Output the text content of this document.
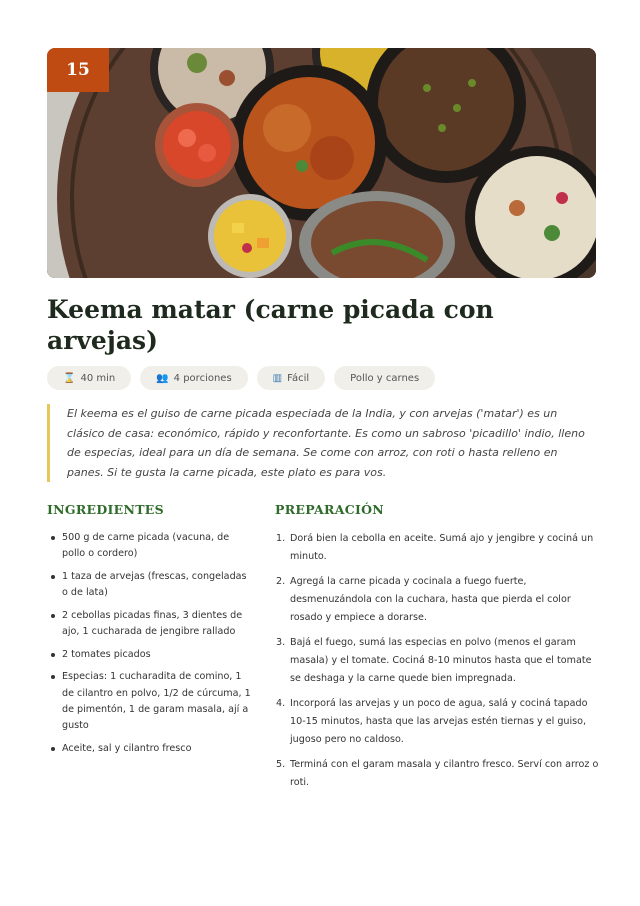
15
Keema matar (carne picada con arvejas)
⌛ 40 min	👥 4 porciones	▥ Fácil	Pollo y carnes
El keema es el guiso de carne picada especiada de la India, y con arvejas ('matar') es un clásico de casa: económico, rápido y reconfortante. Es como un sabroso 'picadillo' indio, lleno de especias, ideal para un día de semana. Se come con arroz, con roti o hasta relleno en panes. Si te gusta la carne picada, este plato es para vos.
INGREDIENTES	PREPARACIÓN
500 g de carne picada (vacuna, de pollo o cordero)
1 taza de arvejas (frescas, congeladas o de lata)
2 cebollas picadas finas, 3 dientes de ajo, 1 cucharada de jengibre rallado
2 tomates picados
Especias: 1 cucharadita de comino, 1 de cilantro en polvo, 1/2 de cúrcuma, 1 de pimentón, 1 de garam masala, ají a gusto
Aceite, sal y cilantro fresco
1. Dorá bien la cebolla en aceite. Sumá ajo y jengibre y cociná un minuto.
2. Agregá la carne picada y cocinala a fuego fuerte, desmenuzándola con la cuchara, hasta que pierda el color rosado y empiece a dorarse.
3. Bajá el fuego, sumá las especias en polvo (menos el garam masala) y el tomate. Cociná 8-10 minutos hasta que el tomate se deshaga y la carne quede bien impregnada.
4. Incorporá las arvejas y un poco de agua, salá y cociná tapado 10-15 minutos, hasta que las arvejas estén tiernas y el guiso, jugoso pero no caldoso.
5. Terminá con el garam masala y cilantro fresco. Serví con arroz o roti.
